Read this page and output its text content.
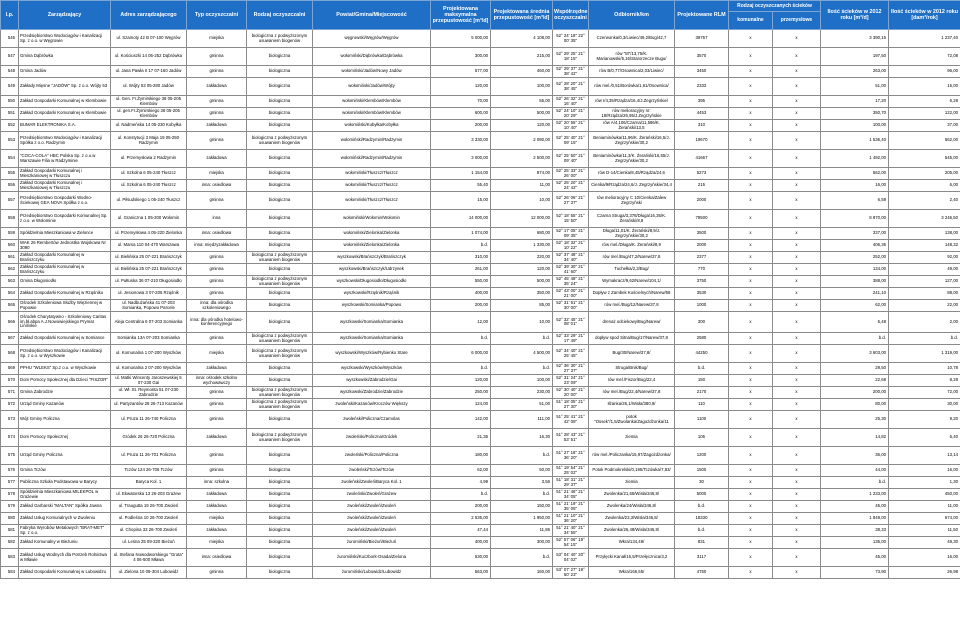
l.p.	Zarządzający	Adres zarządzającego	Typ oczyszczalni	Rodzaj oczyszczalni	Powiat/Gmina/Miejscowość	Projektowana maksymalna przepustowość [m³/d]	Projektowana średnia przepustowość [m³/d]	Współrzędne oczyszczalni	Odbiornik/km	Projektowane RLM	Rodzaj oczyszczanych ścieków		Ilość ścieków w 2012 roku [m³/d]	Ilość ścieków w 2012 roku [dam³/rok]
											komunalne	przemysłowe		
546	Przedsiębiorstwo Wodociągów i Kanalizacji Sp. z o.o. w Węgrowie	ul. Szamoty 42 B 07-100 Węgrów	miejska	biologiczna z podwyższonym usuwaniem biogenów	węgrowski/Węgrów/Węgrów	5 000,00	4 108,00	52° 24' 18'' 22° 00' 35''	Czerwonka/0,3/Liwiec/49,2/Bug/42,7	39767	x	x	3 390,15	1 237,40
547	Gmina Dąbrówka	ul. Kościuszki 14 05-252 Dąbrówka	gminna	biologiczna	wołomiński/Dąbrówka/Dąbrówka	300,00	215,00	52° 29' 25'' 21° 18' 15''	rów "M"/13,75/K. Marianowski/5,16/Starorzecze Bugu/	3570	x	x	197,50	72,08
548	Gmina Jadów	ul. Jana Pawła II 17 07-160 Jadów	gminna	biologiczna	wołomiński/Jadów/Nowy Jadów	577,00	460,00	52° 29' 37'' 21° 38' 42''	rów B/0,77/Osownica/2,03/Liwiec/	3450	x	x	263,00	96,00
549	Zakłady Mięsne "JADÓW" Sp. z o.o. Wójty 53	ul. Wójty 53 05-280 Jadów	zakładowa	biologiczna	wołomiński/Jadów/Wójty	120,00	100,00	52° 28' 20'' 21° 38' 45''	rów mel./0,51/Borówka/1,61/Osownica/	2333	x	x	51,00	15,00
550	Zakład Gospodarki Komunalnej w Klembowie	ul. Gen. Fr.Żymirskiego 38 05-205 Klembów	gminna	biologiczna	wołomiński/Klembów/Klembów	70,00	55,00	52° 26' 32'' 21° 16' 40''	rów I/4,35/Rządza/16,4/J.Zegrzyńskie/	395	x	x	17,20	6,28
551	Zakład Gospodarki Komunalnej w Klembowie	ul. gen.Fr.Żymirskiego 38 05-205 Klembów	gminna	biologiczna	wołomiński/Klembów/Klembów	600,00	500,00	52° 24' 10'' 21° 20' 29''	rów melioracyjny nr: 18/Rządza/26,95/J.Zegrzyńskie	4453	x	x	350,70	122,00
552	BUMAR ELEKTRONIKA S.A.	ul. Nadmeńska 14 05-230 Kobyłka	zakładowa	biologiczna	wołomiński/Kobyłka/Kobyłka	200,00	120,00	52° 20' 55'' 21° 10' 40''	rów A/4,106/Czarna/11,586/K. Żerański/13,5	310	x	x	100,00	37,00
553	Przedsiębiorstwo Wodociągów i Kanalizacji Spółka z o.o. Radzymin	ul. Konstytucji 3 Maja 19 05-250 Radzymin	gminna	biologiczna z podwyższonym usuwaniem biogenów	wołomiński/Radzymin/Radzymin	3 330,00	2 080,00	52° 25' 40'' 21° 09' 15''	Beniaminówka/11,96/K. Żerański/16,5/J. Zegrzyńskie/30,2	19670	x	x	1 536,40	562,00
554	"COCA-COLA" HBC Polska Sp. z o.o.w Warszawie Filia w Radzyminie	ul. Przemysłowa 2 Radzymin	zakładowa	biologiczna	wołomiński/Radzymin/Radzymin	3 000,00	2 500,00	52° 25' 50'' 21° 09' 40''	Beniaminówka/11,3/K. Żerański/16,55/J. Zegrzyńskie/30,2	41667	x	x	1 492,00	545,00
555	Zakład Gospodarki Komunalnej i Mieszkaniowej w Tłuszczu	ul. Szkolna 6 05-240 Tłuszcz	miejska	biologiczna	wołomiński/Tłuszcz/Tłuszcz	1 154,00	874,00	52° 25' 33'' 21° 26' 00''	rów D-14/Cienka/8,45/Rządza/24,6	5273	x	x	562,00	205,00
556	Zakład Gospodarki Komunalnej i Mieszkaniowej w Tłuszczu	ul. Szkolna 6 05-240 Tłuszcz	inna: osiedlowa	biologiczna	wołomiński/Tłuszcz/Tłuszcz	55,40	11,00	52° 25' 20'' 21° 24' 42''	Cienka/9/Rządza/24,6/J. Zegrzyńskie/34,4	215	x	x	16,00	6,00
557	Przedsiębiorstwo Gospodarki Wodno-Ściekowej GEA NOVA Spółka z o.o.	ul. Piłsudskiego 1 05-240 Tłuszcz	gminna	biologiczna	wołomiński/Tłuszcz/Tłuszcz	15,00	10,00	52° 26' 06'' 21° 27' 37''	rów melioracyjny C 10/Cienka/Zalew Zegrzyński	2000	x	x	6,59	2,40
558	Przedsiębiorstwo Gospodarki Komunalnej Sp. z o.o. w Wołominie	ul. Graniczna 1 05-200 Wołomin	inna	biologiczna	wołomiński/Wołomin/Wołomin	14 000,00	12 000,00	52° 18' 55'' 21° 15' 50''	Czarna Struga/3,378/Długa/16,35/K. Żerański/8,9	79500	x	x	8 870,00	3 246,50
559	Spółdzielnia Mieszkaniowa w Zielonce	ul. Przemysłowa 4 05-220 Zielonka	inna: osiedlowa	biologiczna	wołomiński/Zielonka/Zielonka	1 074,00	680,00	52° 17' 05'' 21° 09' 35''	Długa/11,01/K. Żerański/8,9/J. Zegrzyńskie/30,2	3500	x	x	337,00	138,00
560	WAK 26 Rembertów Jednostka Wojskowa Nr 3090	ul. Marsa 110 04-470 Warszawa	inna: międzyzakładowa	biologiczna	wołomiński/Zielonka/Zielonka	b.d.	1 330,00	52° 18' 32'' 21° 10' 22''	rów mel./Długa/K. Żerański/8,9	2000	x	x	406,35	148,32
561	Zakład Gospodarki Komunalnej w Brańszczyku	ul. Bielińska 25 07-221 Brańszczyk	gminna	biologiczna z podwyższonym usuwaniem biogenów	wyszkowski/Brańszczyk/Brańszczyk	310,00	220,00	52° 37' 48'' 21° 34' 40''	rów mel./Bug/47,2/Narew/37,8	2377	x	x	252,00	92,00
562	Zakład Gospodarki Komunalnej w Brańszczyku	ul. Bielińska 25 07-221 Brańszczyk	gminna	biologiczna	wyszkowski/Brańszczyk/Udrzynek	261,00	120,00	52° 39' 30'' 21° 41' 60''	Tuchełka/2,3/Bug/	770	x	x	134,00	49,00
563	Gmina Długosiodło	ul. Pułtuska 36 07-210 Długosiodło	gminna	biologiczna z podwyższonym usuwaniem biogenów	wyszkowski/Długosiodło/Długosiodło	550,00	500,00	52° 45' 48'' 21° 35' 24''	Wymakracz/9,62/Narew/104,1/	3750	x	x	388,00	127,00
564	Zakład Gospodarki Komunalnej w Rząśniku	ul. Jesionowa 3 07-205 Rząśnik	gminna	biologiczna	wyszkowski/Rząśnik/Rząśnik	400,00	350,00	52° 43' 00'' 21° 21' 00''	Dopływ z Zambek Kościelnych/Narew/58	3530	x	x	241,10	88,00
565	Ośrodek Szkoleniowa Służby Więziennej w Popowie	ul. Nadbużańska 41 07-203 Somianka, Popowo Parcele	inna: dla ośrodka szkoleniowego	biologiczna	wyszkowski/Somianka/Popowo	200,00	85,00	52° 31' 51'' 21° 30' 00''	rów mel./Bug/12/Narew/37,8	1000	x	x	62,00	22,00
566	Ośrodek Charytatywno - Szkoleniowy Caritas im.bł.abpa A.J.Nowowiejskiego Prymat Lińińskie	Aleja Centralna 6 07-203 Somianka	inna: dla ośrodka hotelowo-konferencyjnego	biologiczna	wyszkowski/Somianka/Somianka	12,00	10,00	52° 32' 45'' 21° 08' 01''	drenaż odciekowy/Bug/Narew/	300	x	x	5,48	2,00
567	Zakład Gospodarki Komunalnej w Somiance	Somianka 13A 07-203 Somianka	gminna	biologiczna z podwyższonym usuwaniem biogenów	wyszkowski/Somianka/Somianka	b.d.	b.d.	52° 33' 29'' 21° 17' 49''	dopływ spod Sitna/Bug/17/Narew/37,8	2580	x	x	b.d.	b.d.
568	Przedsiębiorstwo Wodociągów i Kanalizacji Sp. z o.o. w Wyszkowie	ul. Komunalna 1 07-200 Wyszków	miejska	biologiczna z podwyższonym usuwaniem biogenów	wyszkowski/Wyszków/Rybienko Stare	6 000,00	4 500,00	52° 34' 40'' 21° 25' 45''	Bug/30/Narew/37,8/	44250	x	x	3 603,00	1 319,00
569	PPHU "WLEKS" Sp.z o.o. w Wyszkowie	ul. Komunalna 2 07-200 Wyszków	zakładowa	biologiczna	wyszkowski/Wyszków/Wyszków	b.d.	b.d.	52° 36' 30'' 21° 27' 37''	Struga/Bnik/Bug/	b.d.	x	x	29,50	10,78
570	Dom Pomocy Społecznej dla Dzieci "FISZOR"	ul. Matki Wincenty Jaroszewskiej 5 07-230 Gai	inna: ośrodek szkolno wychowawczy	biologiczna	wyszkowski/Zabrodzie/Gai	120,00	100,00	52° 31' 24'' 21° 23' 09''	rów mel./Fiszor/Bug/22,4	150	x	x	22,68	8,28
571	Gmina Zabrodzie	ul. Wł. St. Reymonta 51 07-230 Zabrodzie	gminna	biologiczna z podwyższonym usuwaniem biogenów	wyszkowski/Zabrodzie/Zabrodzie	250,00	230,00	52° 30' 40'' 21° 20' 00''	rów mel./Bug/22,4/Narew/37,8	2170	x	x	200,00	72,00
572	Urząd Gminy Kazanów	ul. Partyzantów 28 26-713 Kazanów	gminna	biologiczna z podwyższonym usuwaniem biogenów	zwoleński/Kazanów/Kroczów Większy	124,00	51,00	51° 18' 05'' 21° 27' 30''	Iłżanka/26,1/Wisła/380,9/	110	x	x	80,00	30,00
573	Wójt Gminy Policzna	ul. Pruza 11 26-740 Policzna	gminna	biologiczna	zwoleński/Policzna/Czarnolas	142,00	111,00	51° 25' 41'' 21° 42' 08''	potok "Ossek"/1,5/Zwolanka/Zagożdżonka/11	1100	x	x	25,30	9,20
574	Dom Pomocy Społecznej	Gródek 26 26-720 Policzna	zakładowa	biologiczna z podwyższonym usuwaniem biogenów	zwoleński/Policzna/Gródek	21,35	16,30	51° 28' 43'' 21° 53' 51''	ziemia	106	x	x	14,82	5,40
575	Urząd Gminy Policzna	ul. Pruza 11 26-701 Policzna	gminna	biologiczna	zwoleński/Policzna/Policzna	180,00	b.d.	51° 27' 18'' 21° 36' 20''	rów mel./Policzanka/15,97/Zagożdżonka/	1200	x	x	36,00	13,14
576	Gmina Tczów	Tczów 124 26-706 Tczów	gminna	biologiczna	zwoleński/Tczów/Tczów	62,00	50,00	51° 19' 54'' 21° 25' 02''	Potok Podmokrelski/0,195/Tczówka/7,83/	1500	x	x	44,00	16,00
577	Publiczna Szkoła Podstawowa w Barycy	Baryca Kol. 1	inna: szkolna	biologiczna	zwoleński/Zwoleń/Baryca Kol. 1	4,99	3,56	51° 18' 31'' 21° 29' 37''	ziemia	30	x	x	b.d.	1,30
578	Spółdzielnia Mieszkaniowa MILEKPOL w Grażewie	ul. Ekwatorska 13 26-203 Grażew	zakładowa	biologiczna	zwoleński/Zwoleń/Grażew	b.d.	b.d.	51° 21' 46'' 21° 34' 05''	Zwolenka/21,65/Wisła/346,8/	5000	x	x	1 233,00	450,00
579	Zakład Garbarski "MALTAN" Spółka Jawna	ul. Traugutta 19 26-700 Zwoleń	zakładowa	biologiczna	zwoleński/Zwoleń/Zwoleń	200,00	150,00	51° 21' 19'' 21° 35' 05''	Zwolenka/24/Wisła/346,8/	b.d.	x	x	45,00	11,00
580	Zakład Usług Komunalnych w Zwoleniu	ul. Podleśna 10 26-700 Zwoleń	miejska	biologiczna	zwoleński/Zwoleń/Zwoleń	2 535,00	1 950,00	51° 21' 10'' 21° 36' 20''	Zwolenka/23,3/Wisła/346,8/	18330	x	x	1 849,00	674,00
581	Fabryka Wyrobów Metalowych "BRAT-MET" Sp. z o.o.	ul. Chopina 33 26-700 Zwoleń	zakładowa	biologiczna	zwoleński/Zwoleń/Zwoleń	47,44	11,86	51° 21' 40'' 21° 34' 55''	Zwolenka/26,48/Wisła/346,8/	b.d.	x	x	38,33	11,50
582	Zakład Komunalny w Bieżuniu	ul. Leśna 25 09-320 Bieżuń	miejska	biologiczna	żuromiński/Bieżuń/Bieżuń	400,00	300,00	52° 57' 06'' 19° 54' 15''	Wkra/134,49/	831	x	x	135,00	49,30
583	Zakład Usług Wodnych dla Potrzeb Rolnictwa w Mławie	ul. Stefana Nowodworskiego "Grota" 4 06-500 Mława	inna: osiedlowa	biologiczna	żuromiński/Kuczbork-Osada/Zielona	530,00	b.d.	53° 04' 40'' 20° 04' 02''	Przyłęcki Kanał/15,5/Przełęcznica/3,2	3117	x	x	45,00	16,00
584	Zakład Gospodarki Komunalnej w Lubowidzu	ul. Zielona 10 09-304 Lubowidz	gminna	biologiczna	żuromiński/Lubowidz/Lubowidz	563,00	160,00	53° 07' 27'' 19° 50' 23''	Wkra/166,55/	4750	x	x	73,90	26,98
